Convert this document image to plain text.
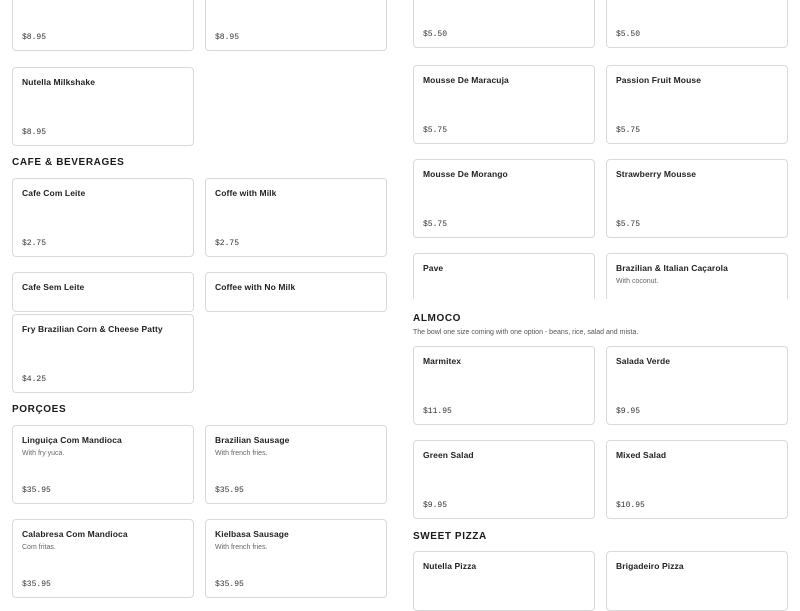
$8.95	$8.95
Nutella Milkshake
$8.95
CAFE & BEVERAGES
Cafe Com Leite
$2.75
Coffe with Milk
$2.75
Cafe Sem Leite	Coffee with No Milk
Fry Brazilian Corn & Cheese Patty
$4.25
PORÇOES
Linguiça Com Mandioca
With fry yuca.
$35.95
Brazilian Sausage
With french fries.
$35.95
Calabresa Com Mandioca
Com fritas.
$35.95
Kielbasa Sausage
With french fries.
$35.95
$5.50	$5.50
Mousse De Maracuja
$5.75
Passion Fruit Mouse
$5.75
Mousse De Morango
$5.75
Strawberry Mousse
$5.75
Pave	Brazilian & Italian Caçarola
With coconut.
ALMOCO
The bowl one size coming with one option - beans, rice, salad and mista.
Marmitex
$11.95
Salada Verde
$9.95
Green Salad
$9.95
Mixed Salad
$10.95
SWEET PIZZA
Nutella Pizza	Brigadeiro Pizza
